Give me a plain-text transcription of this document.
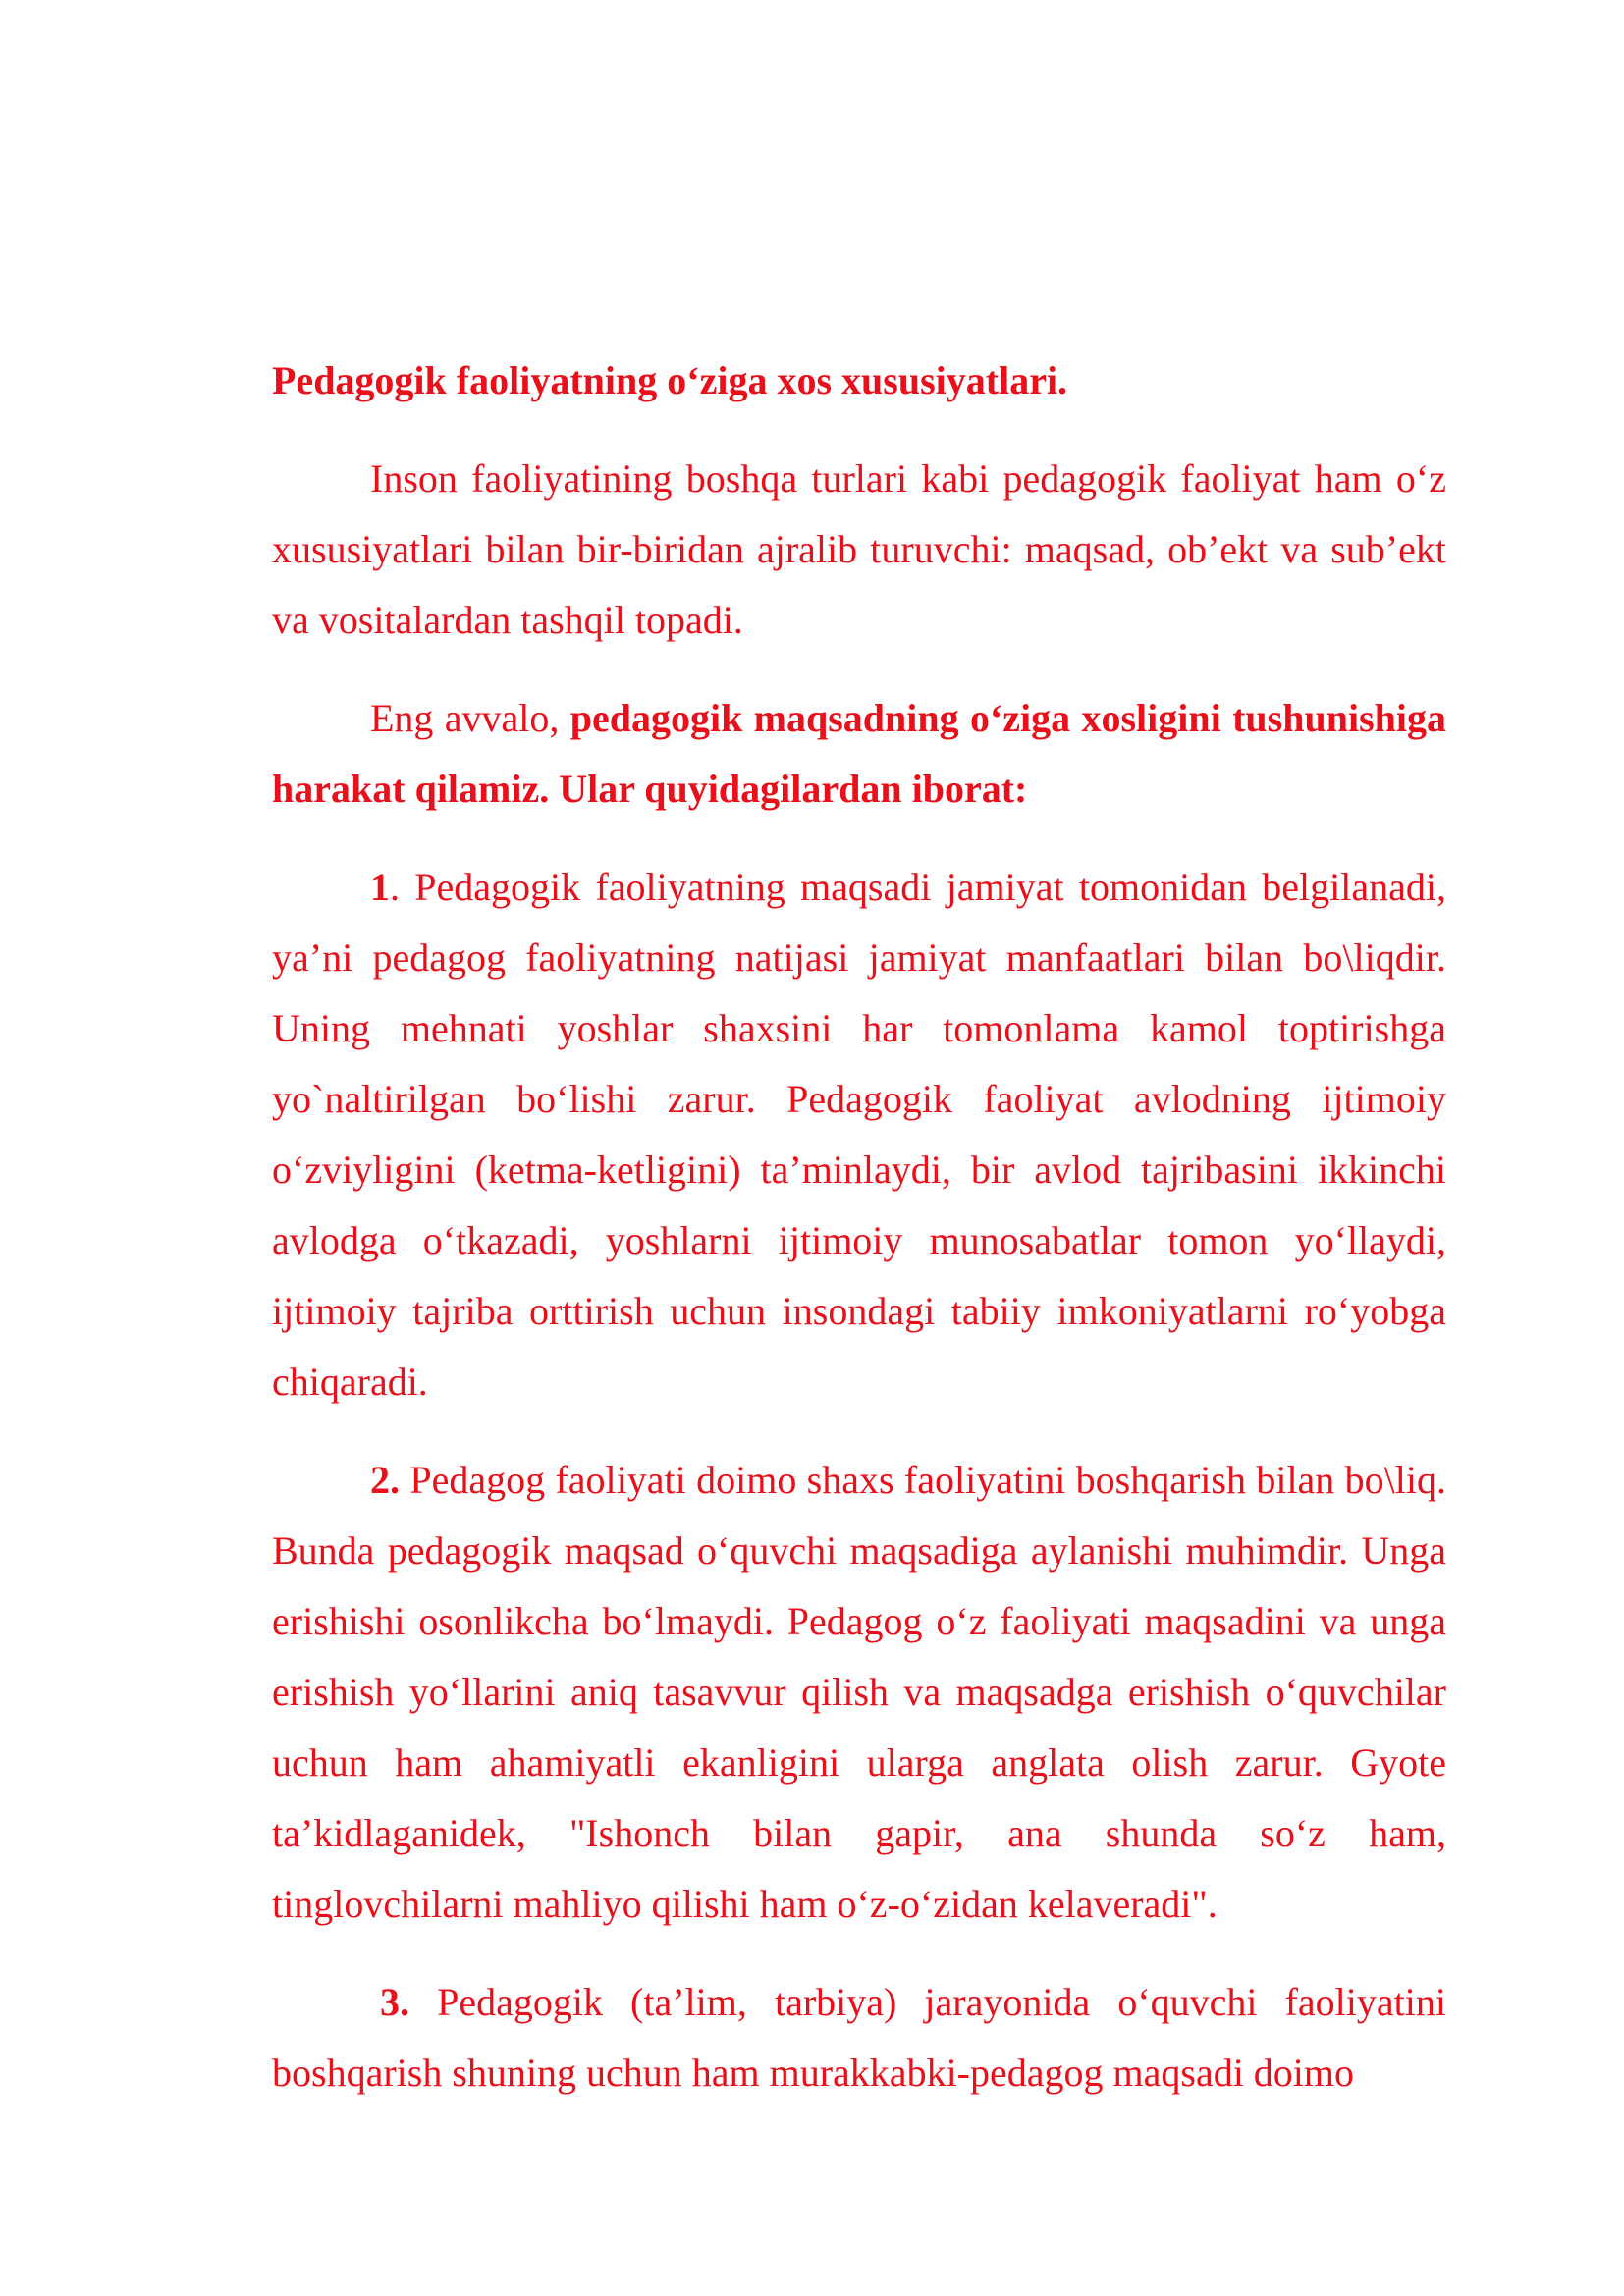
Pedagogik faoliyatning o‘ziga xos xususiyatlari.

Inson faoliyatining boshqa turlari kabi pedagogik faoliyat ham o‘z xususiyatlari bilan bir-biridan ajralib turuvchi: maqsad, ob’ekt va sub’ekt va vositalardan tashqil topadi.

Eng avvalo, pedagogik maqsadning o‘ziga xosligini tushunishiga harakat qilamiz. Ular quyidagilardan iborat:

1. Pedagogik faoliyatning maqsadi jamiyat tomonidan belgilanadi, ya’ni pedagog faoliyatning natijasi jamiyat manfaatlari bilan bo\liqdir. Uning mehnati yoshlar shaxsini har tomonlama kamol toptirishga yo`naltirilgan bo‘lishi zarur. Pedagogik faoliyat avlodning ijtimoiy o‘zviyligini (ketma-ketligini) ta’minlaydi, bir avlod tajribasini ikkinchi avlodga o‘tkazadi, yoshlarni ijtimoiy munosabatlar tomon yo‘llaydi, ijtimoiy tajriba orttirish uchun insondagi tabiiy imkoniyatlarni ro‘yobga chiqaradi.

2. Pedagog faoliyati doimo shaxs faoliyatini boshqarish bilan bo\liq. Bunda pedagogik maqsad o‘quvchi maqsadiga aylanishi muhimdir. Unga erishishi osonlikcha bo‘lmaydi. Pedagog o‘z faoliyati maqsadini va unga erishish yo‘llarini aniq tasavvur qilish va maqsadga erishish o‘quvchilar uchun ham ahamiyatli ekanligini ularga anglata olish zarur. Gyote ta’kidlaganidek, "Ishonch bilan gapir, ana shunda so‘z ham, tinglovchilarni mahliyo qilishi ham o‘z-o‘zidan kelaveradi".

3. Pedagogik (ta’lim, tarbiya) jarayonida o‘quvchi faoliyatini boshqarish shuning uchun ham murakkabki-pedagog maqsadi doimo
